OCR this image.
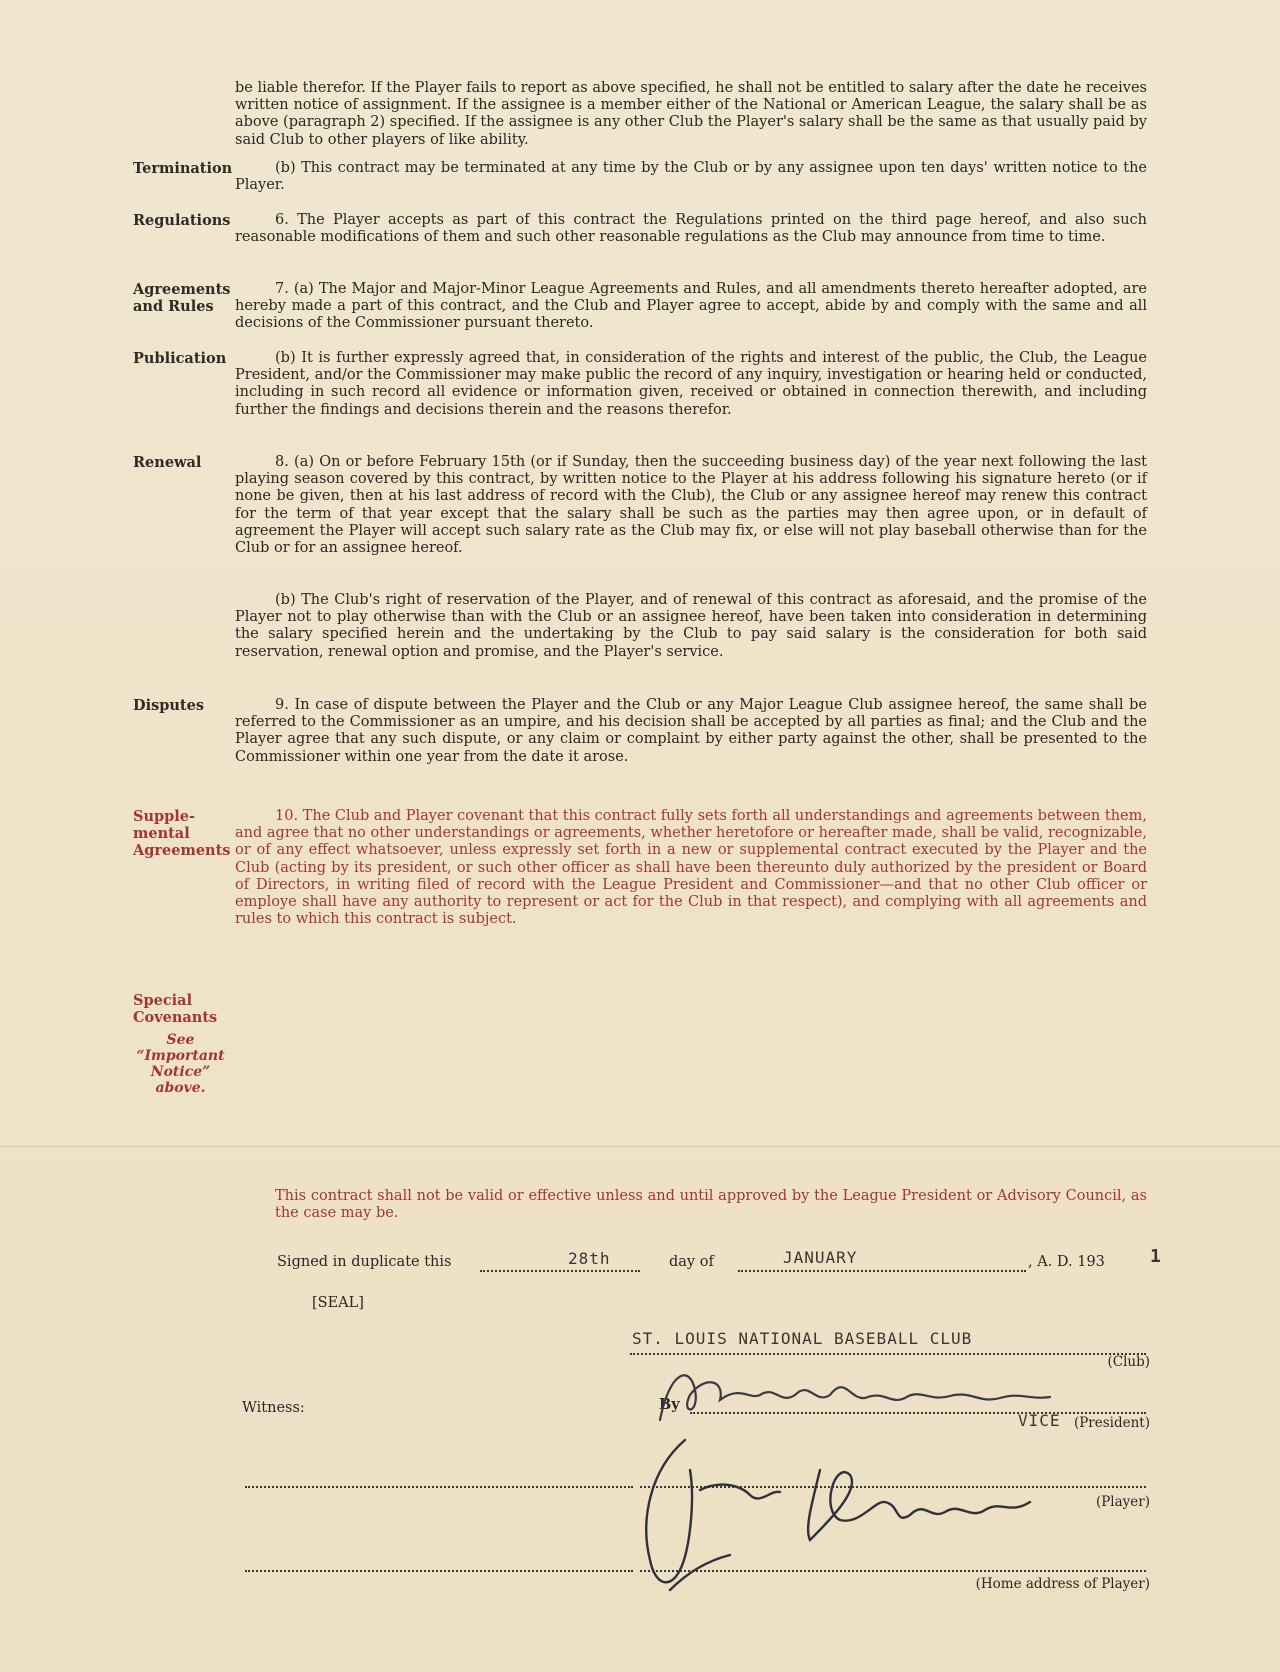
be liable therefor. If the Player fails to report as above specified, he shall not be entitled to salary after the date he receives written notice of assignment. If the assignee is a member either of the National or American League, the salary shall be as above (paragraph 2) specified. If the assignee is any other Club the Player's salary shall be the same as that usually paid by said Club to other players of like ability.
Termination	(b) This contract may be terminated at any time by the Club or by any assignee upon ten days' written notice to the Player.
Regulations	6. The Player accepts as part of this contract the Regulations printed on the third page hereof, and also such reasonable modifications of them and such other reasonable regulations as the Club may announce from time to time.
Agreements
and Rules
7. (a) The Major and Major-Minor League Agreements and Rules, and all amendments thereto hereafter adopted, are hereby made a part of this contract, and the Club and Player agree to accept, abide by and comply with the same and all decisions of the Commissioner pursuant thereto.
Publication	(b) It is further expressly agreed that, in consideration of the rights and interest of the public, the Club, the League President, and/or the Commissioner may make public the record of any inquiry, investigation or hearing held or conducted, including in such record all evidence or information given, received or obtained in connection therewith, and including further the findings and decisions therein and the reasons therefor.
Renewal	8. (a) On or before February 15th (or if Sunday, then the succeeding business day) of the year next following the last playing season covered by this contract, by written notice to the Player at his address following his signature hereto (or if none be given, then at his last address of record with the Club), the Club or any assignee hereof may renew this contract for the term of that year except that the salary shall be such as the parties may then agree upon, or in default of agreement the Player will accept such salary rate as the Club may fix, or else will not play baseball otherwise than for the Club or for an assignee hereof.
(b) The Club's right of reservation of the Player, and of renewal of this contract as aforesaid, and the promise of the Player not to play otherwise than with the Club or an assignee hereof, have been taken into consideration in determining the salary specified herein and the undertaking by the Club to pay said salary is the consideration for both said reservation, renewal option and promise, and the Player's service.
Disputes	9. In case of dispute between the Player and the Club or any Major League Club assignee hereof, the same shall be referred to the Commissioner as an umpire, and his decision shall be accepted by all parties as final; and the Club and the Player agree that any such dispute, or any claim or complaint by either party against the other, shall be presented to the Commissioner within one year from the date it arose.
Supple-
mental
Agreements
10. The Club and Player covenant that this contract fully sets forth all understandings and agreements between them, and agree that no other understandings or agreements, whether heretofore or hereafter made, shall be valid, recognizable, or of any effect whatsoever, unless expressly set forth in a new or supplemental contract executed by the Player and the Club (acting by its president, or such other officer as shall have been thereunto duly authorized by the president or Board of Directors, in writing filed of record with the League President and Commissioner—and that no other Club officer or employe shall have any authority to represent or act for the Club in that respect), and complying with all agreements and rules to which this contract is subject.
Special
Covenants
See
“Important
Notice”
above.
This contract shall not be valid or effective unless and until approved by the League President or Advisory Council, as the case may be.
Signed in duplicate this	28th	day of	JANUARY	, A. D. 193	1
[SEAL]
ST. LOUIS NATIONAL BASEBALL CLUB
(Club)
Witness:	By
VICE (President)
(Player)
(Home address of Player)
